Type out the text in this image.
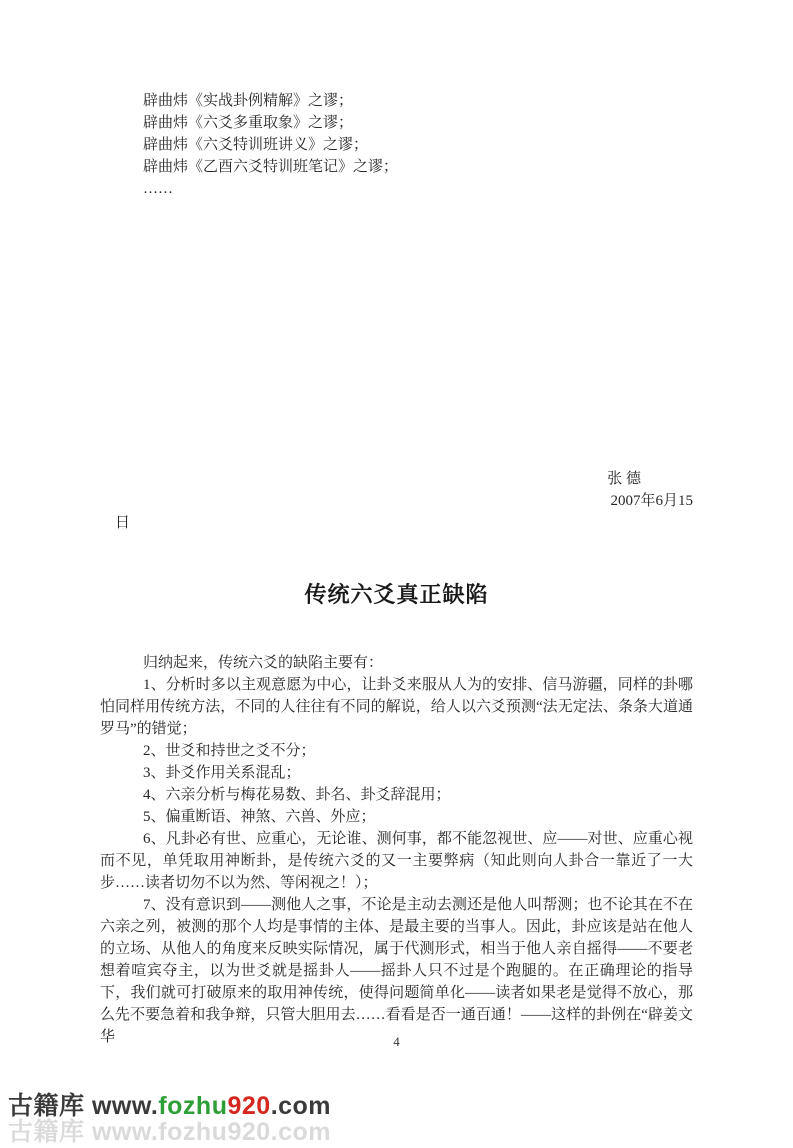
辟曲炜《实战卦例精解》之谬；
辟曲炜《六爻多重取象》之谬；
辟曲炜《六爻特训班讲义》之谬；
辟曲炜《乙酉六爻特训班笔记》之谬；
……
张 德
2007年6月15
日
传统六爻真正缺陷

归纳起来，传统六爻的缺陷主要有：

1、分析时多以主观意愿为中心，让卦爻来服从人为的安排、信马游疆，同样的卦哪怕同样用传统方法，不同的人往往有不同的解说，给人以六爻预测“法无定法、条条大道通罗马”的错觉；

2、世爻和持世之爻不分；

3、卦爻作用关系混乱；

4、六亲分析与梅花易数、卦名、卦爻辞混用；

5、偏重断语、神煞、六兽、外应；

6、凡卦必有世、应重心，无论谁、测何事，都不能忽视世、应——对世、应重心视而不见，单凭取用神断卦，是传统六爻的又一主要弊病（知此则向人卦合一靠近了一大步……读者切勿不以为然、等闲视之！）；

7、没有意识到——测他人之事，不论是主动去测还是他人叫帮测；也不论其在不在六亲之列，被测的那个人均是事情的主体、是最主要的当事人。因此，卦应该是站在他人的立场、从他人的角度来反映实际情况，属于代测形式，相当于他人亲自摇得——不要老想着喧宾夺主，以为世爻就是摇卦人——摇卦人只不过是个跑腿的。在正确理论的指导下，我们就可打破原来的取用神传统，使得问题简单化——读者如果老是觉得不放心，那么先不要急着和我争辩，只管大胆用去……看看是否一通百通！——这样的卦例在“辟姜文华	4
古籍库 www.fozhu920.com
古籍库 www.fozhu920.com
